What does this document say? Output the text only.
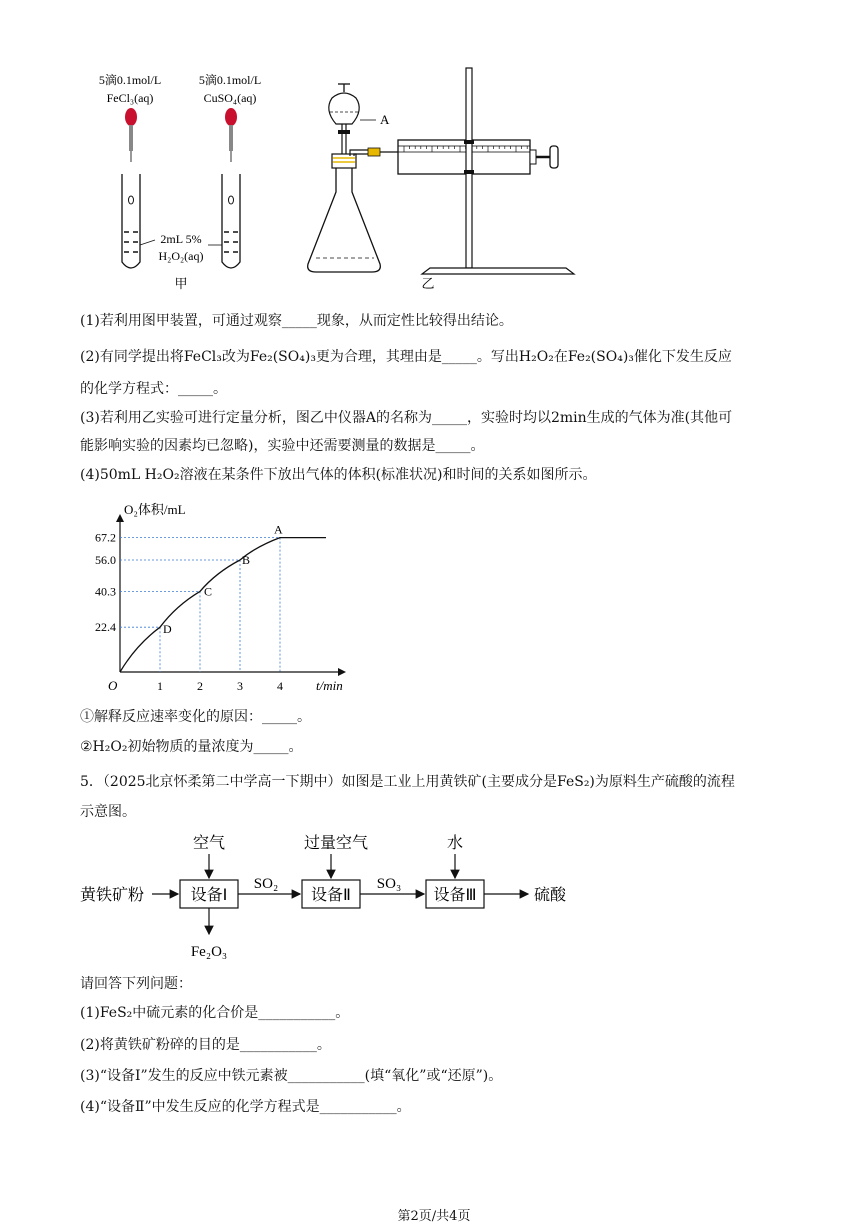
5滴0.1mol/L
FeCl₃(aq)
5滴0.1mol/L
CuSO₄(aq)
2mL 5%
H₂O₂(aq)
甲
A
乙
(1)若利用图甲装置，可通过观察_____现象，从而定性比较得出结论。
(2)有同学提出将FeCl₃改为Fe₂(SO₄)₃更为合理，其理由是_____。写出H₂O₂在Fe₂(SO₄)₃催化下发生反应
的化学方程式：_____。
(3)若利用乙实验可进行定量分析，图乙中仪器A的名称为_____，实验时均以2min生成的气体为准(其他可
能影响实验的因素均已忽略)，实验中还需要测量的数据是_____。
(4)50mL H₂O₂溶液在某条件下放出气体的体积(标准状况)和时间的关系如图所示。
O₂体积/mL
t/min
O
22.4
1
40.3
2
56.0
3
67.2
4
D
C
B
A
①解释反应速率变化的原因：_____。
②H₂O₂初始物质的量浓度为_____。
5．（2025北京怀柔第二中学高一下期中）如图是工业上用黄铁矿(主要成分是FeS₂)为原料生产硫酸的流程
示意图。
黄铁矿粉	设备Ⅰ
空气
Fe₂O₃
SO₂
设备Ⅱ
过量空气
SO₃
设备Ⅲ
水
硫酸
请回答下列问题：
(1)FeS₂中硫元素的化合价是___________。
(2)将黄铁矿粉碎的目的是___________。
(3)“设备Ⅰ”发生的反应中铁元素被___________(填“氧化”或“还原”)。
(4)“设备Ⅱ”中发生反应的化学方程式是___________。
第2页/共4页
